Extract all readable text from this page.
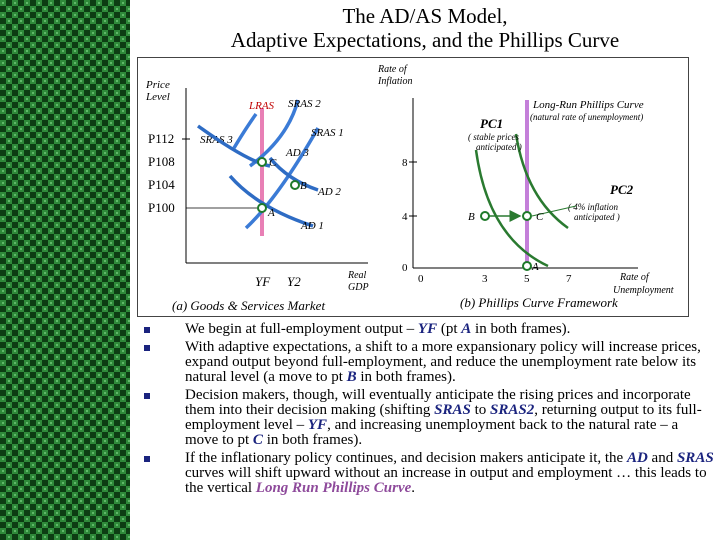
The AD/AS Model,
Adaptive Expectations, and the Phillips Curve
Price
Level
P112
P108
P104
P100
LRAS
SRAS 1
SRAS 2
SRAS 3
AD 1
AD 2
AD 3
A
B
C
YF Y2	Real
GDP
(a) Goods & Services Market
Rate of
Inflation
8
4
0
0	3	5	7	Rate of
Unemployment
Long-Run Phillips Curve
(natural rate of unemployment)
PC1
( stable prices
anticipated )
PC2
( 4% inflation
anticipated )
B	C
A
(b) Phillips Curve Framework
We begin at full-employment output – YF (pt A in both frames).
With adaptive expectations, a shift to a more expansionary policy will increase prices, expand output beyond full-employment, and reduce the unemployment rate below its natural level (a move to pt B in both frames).
Decision makers, though, will eventually anticipate the rising prices and incorporate them into their decision making (shifting SRAS to SRAS2, returning output to its full-employment level – YF, and increasing unemployment back to the natural rate – a move to pt C in both frames).
If the inflationary policy continues, and decision makers anticipate it, the AD and SRAS curves will shift upward without an increase in output and employment … this leads to the vertical Long Run Phillips Curve.
